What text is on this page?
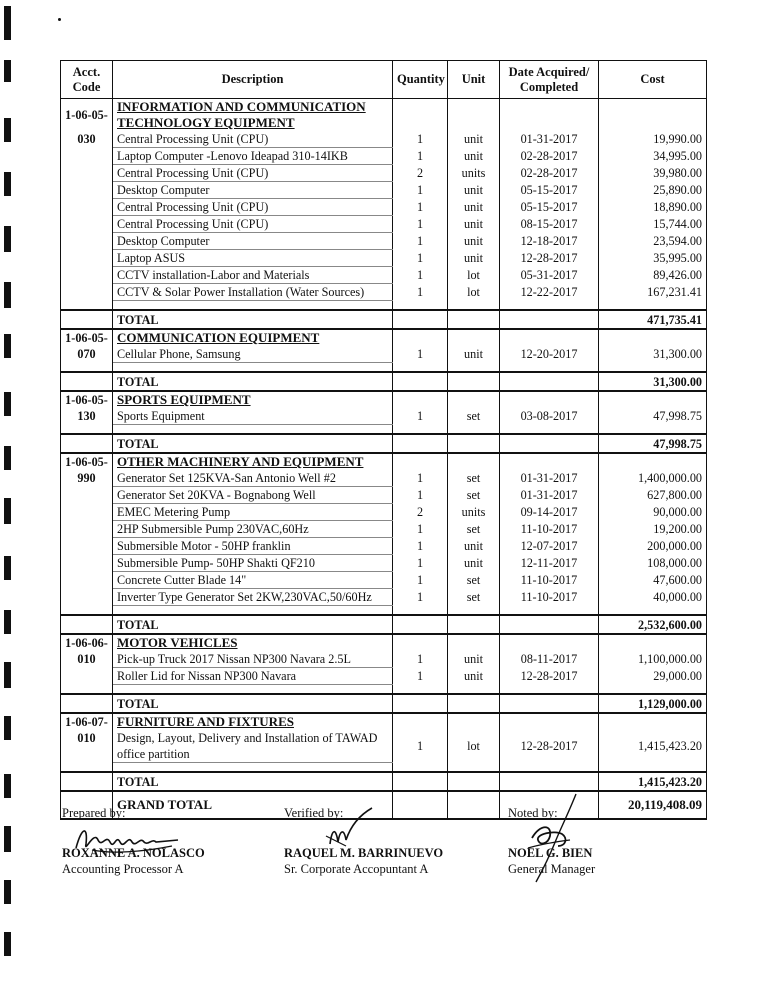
Acct.
Code	Description	Quantity	Unit	Date Acquired/
Completed	Cost
1-06-05-	INFORMATION AND COMMUNICATION TECHNOLOGY EQUIPMENT				
030	Central Processing Unit (CPU)	1	unit	01-31-2017	19,990.00
	Laptop Computer -Lenovo Ideapad 310-14IKB	1	unit	02-28-2017	34,995.00
	Central Processing Unit (CPU)	2	units	02-28-2017	39,980.00
	Desktop Computer	1	unit	05-15-2017	25,890.00
	Central Processing Unit (CPU)	1	unit	05-15-2017	18,890.00
	Central Processing Unit (CPU)	1	unit	08-15-2017	15,744.00
	Desktop Computer	1	unit	12-18-2017	23,594.00
	Laptop ASUS	1	unit	12-28-2017	35,995.00
	CCTV installation-Labor and Materials	1	lot	05-31-2017	89,426.00
	CCTV & Solar Power Installation (Water Sources)	1	lot	12-22-2017	167,231.41

	TOTAL				471,735.41
1-06-05-	COMMUNICATION EQUIPMENT				
070	Cellular Phone, Samsung	1	unit	12-20-2017	31,300.00

	TOTAL				31,300.00
1-06-05-	SPORTS EQUIPMENT				
130	Sports Equipment	1	set	03-08-2017	47,998.75

	TOTAL				47,998.75
1-06-05-	OTHER MACHINERY AND EQUIPMENT				
990	Generator Set 125KVA-San Antonio Well #2	1	set	01-31-2017	1,400,000.00
	Generator Set 20KVA - Bognabong Well	1	set	01-31-2017	627,800.00
	EMEC Metering Pump	2	units	09-14-2017	90,000.00
	2HP Submersible Pump 230VAC,60Hz	1	set	11-10-2017	19,200.00
	Submersible Motor - 50HP franklin	1	unit	12-07-2017	200,000.00
	Submersible Pump- 50HP Shakti QF210	1	unit	12-11-2017	108,000.00
	Concrete Cutter Blade 14"	1	set	11-10-2017	47,600.00
	Inverter Type Generator Set 2KW,230VAC,50/60Hz	1	set	11-10-2017	40,000.00

	TOTAL				2,532,600.00
1-06-06-	MOTOR VEHICLES				
010	Pick-up Truck 2017 Nissan NP300 Navara 2.5L	1	unit	08-11-2017	1,100,000.00
	Roller Lid for Nissan NP300 Navara	1	unit	12-28-2017	29,000.00

	TOTAL				1,129,000.00
1-06-07-	FURNITURE AND FIXTURES				
010	Design, Layout, Delivery and Installation of TAWAD	1	lot	12-28-2017	1,415,423.20
	office partition				

	TOTAL				1,415,423.20
	GRAND TOTAL				20,119,408.09
Prepared by:
ROXANNE A. NOLASCO
Accounting Processor A
Verified by:
RAQUEL M. BARRINUEVO
Sr. Corporate Accopuntant A
Noted by:
NOEL G. BIEN
General Manager
